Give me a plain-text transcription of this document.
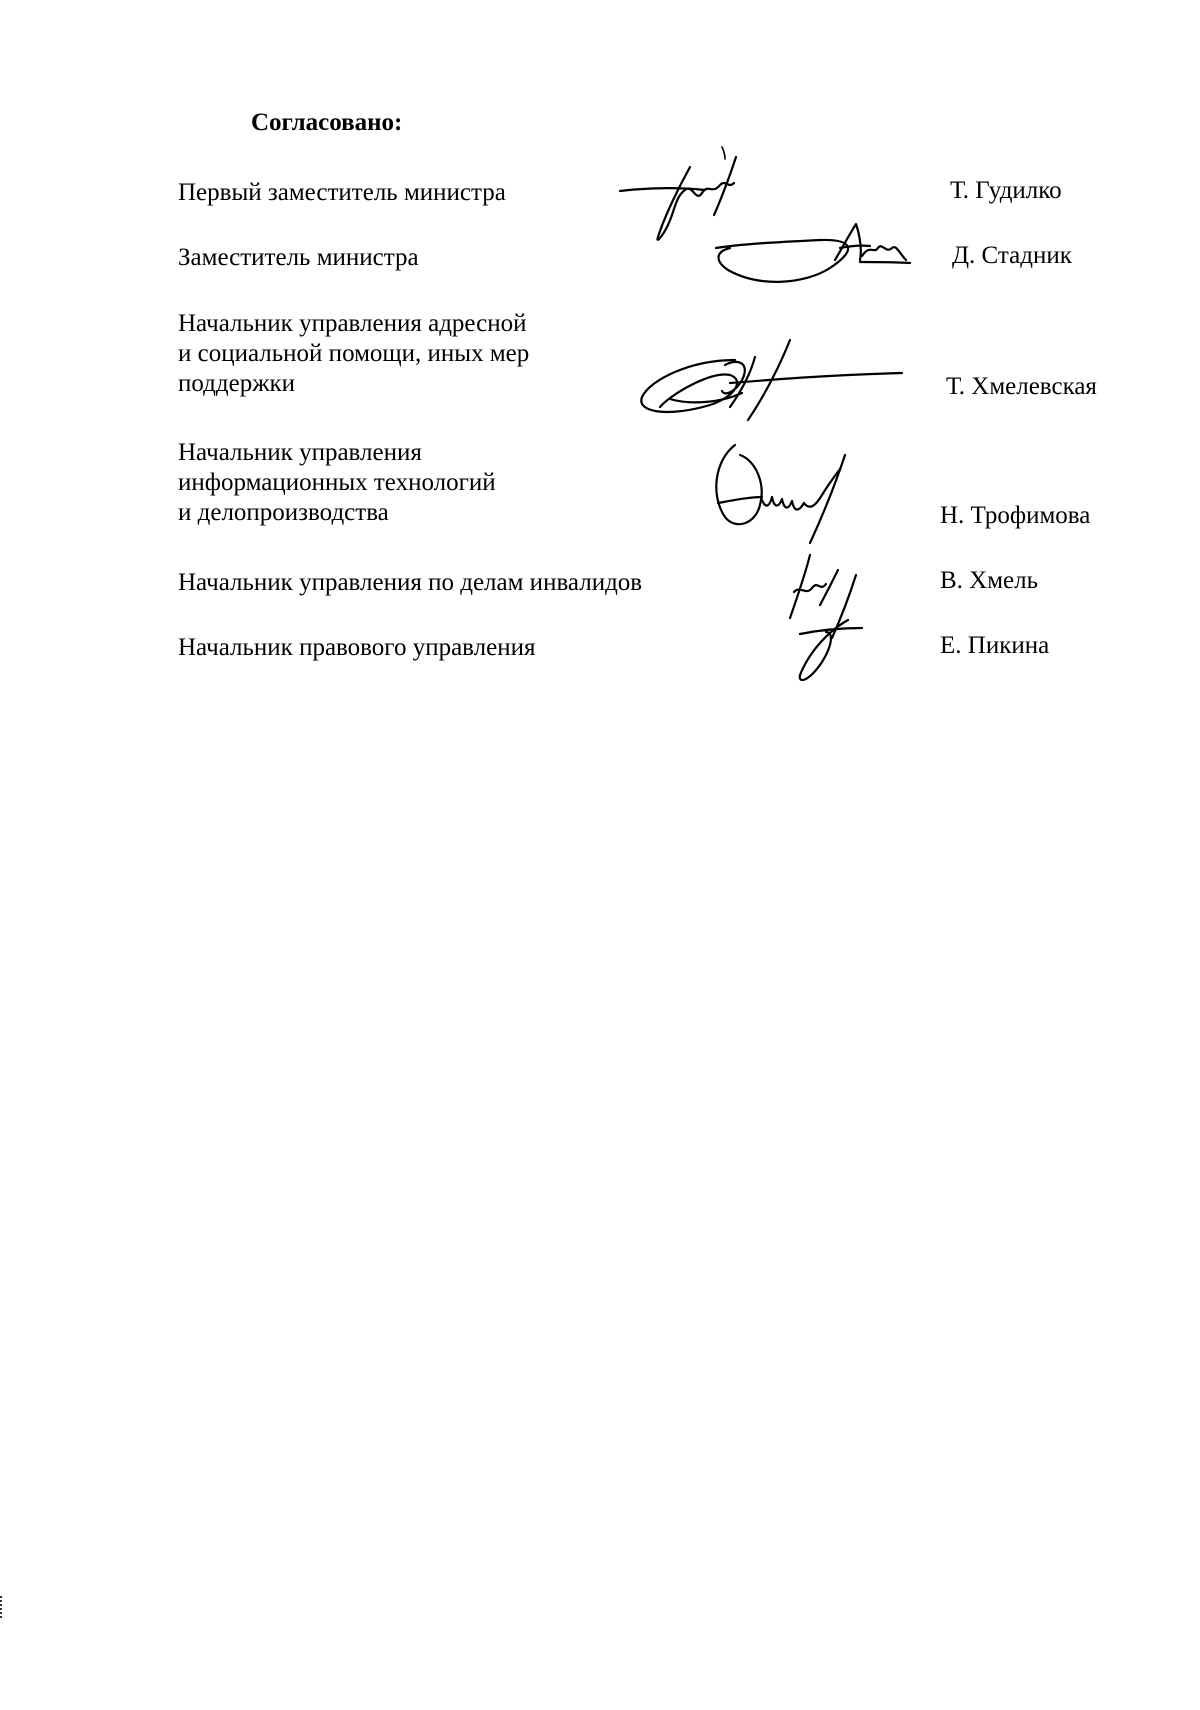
Согласовано:
Первый заместитель министра	Т. Гудилко
Заместитель министра	Д. Стадник
Начальник управления адресной
и социальной помощи, иных мер
поддержки	Т. Хмелевская
Начальник управления
информационных технологий
и делопроизводства	Н. Трофимова
Начальник управления по делам инвалидов	В. Хмель
Начальник правового управления	Е. Пикина
